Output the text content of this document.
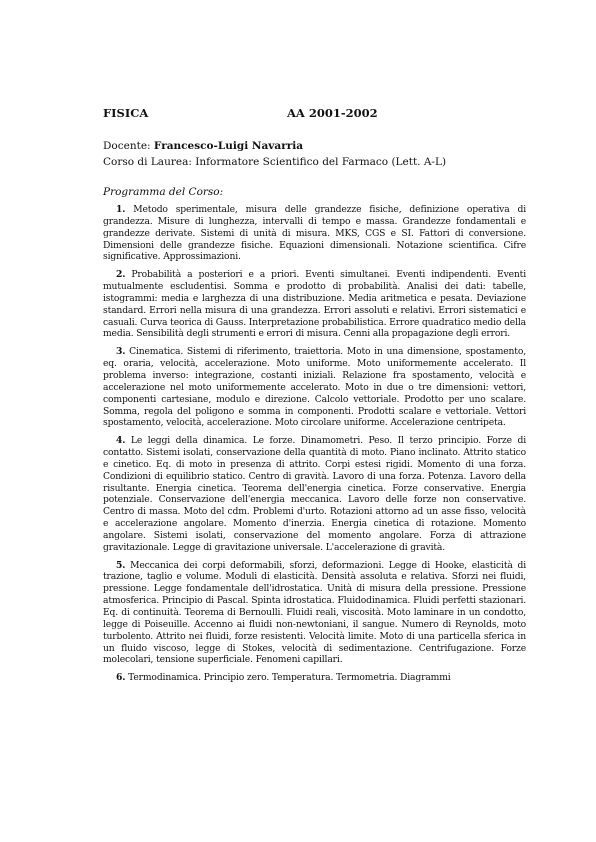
FISICA	AA 2001-2002
Docente: Francesco-Luigi Navarria
Corso di Laurea: Informatore Scientifico del Farmaco (Lett. A-L)
Programma del Corso:

1. Metodo sperimentale, misura delle grandezze fisiche, definizione operativa di grandezza. Misure di lunghezza, intervalli di tempo e massa. Grandezze fondamentali e grandezze derivate. Sistemi di unità di misura. MKS, CGS e SI. Fattori di conversione. Dimensioni delle grandezze fisiche. Equazioni dimensionali. Notazione scientifica. Cifre significative. Approssimazioni.

2. Probabilità a posteriori e a priori. Eventi simultanei. Eventi indipendenti. Eventi mutualmente escludentisi. Somma e prodotto di probabilità. Analisi dei dati: tabelle, istogrammi: media e larghezza di una distribuzione. Media aritmetica e pesata. Deviazione standard. Errori nella misura di una grandezza. Errori assoluti e relativi. Errori sistematici e casuali. Curva teorica di Gauss. Interpretazione probabilistica. Errore quadratico medio della media. Sensibilità degli strumenti e errori di misura. Cenni alla propagazione degli errori.

3. Cinematica. Sistemi di riferimento, traiettoria. Moto in una dimensione, spostamento, eq. oraria, velocità, accelerazione. Moto uniforme. Moto uniformemente accelerato. Il problema inverso: integrazione, costanti iniziali. Relazione fra spostamento, velocità e accelerazione nel moto uniformemente accelerato. Moto in due o tre dimensioni: vettori, componenti cartesiane, modulo e direzione. Calcolo vettoriale. Prodotto per uno scalare. Somma, regola del poligono e somma in componenti. Prodotti scalare e vettoriale. Vettori spostamento, velocità, accelerazione. Moto circolare uniforme. Accelerazione centripeta.

4. Le leggi della dinamica. Le forze. Dinamometri. Peso. Il terzo principio. Forze di contatto. Sistemi isolati, conservazione della quantità di moto. Piano inclinato. Attrito statico e cinetico. Eq. di moto in presenza di attrito. Corpi estesi rigidi. Momento di una forza. Condizioni di equilibrio statico. Centro di gravità. Lavoro di una forza. Potenza. Lavoro della risultante. Energia cinetica. Teorema dell'energia cinetica. Forze conservative. Energia potenziale. Conservazione dell'energia meccanica. Lavoro delle forze non conservative. Centro di massa. Moto del cdm. Problemi d'urto. Rotazioni attorno ad un asse fisso, velocità e accelerazione angolare. Momento d'inerzia. Energia cinetica di rotazione. Momento angolare. Sistemi isolati, conservazione del momento angolare. Forza di attrazione gravitazionale. Legge di gravitazione universale. L'accelerazione di gravità.

5. Meccanica dei corpi deformabili, sforzi, deformazioni. Legge di Hooke, elasticità di trazione, taglio e volume. Moduli di elasticità. Densità assoluta e relativa. Sforzi nei fluidi, pressione. Legge fondamentale dell'idrostatica. Unità di misura della pressione. Pressione atmosferica. Principio di Pascal. Spinta idrostatica. Fluidodinamica. Fluidi perfetti stazionari. Eq. di continuità. Teorema di Bernoulli. Fluidi reali, viscosità. Moto laminare in un condotto, legge di Poiseuille. Accenno ai fluidi non-newtoniani, il sangue. Numero di Reynolds, moto turbolento. Attrito nei fluidi, forze resistenti. Velocità limite. Moto di una particella sferica in un fluido viscoso, legge di Stokes, velocità di sedimentazione. Centrifugazione. Forze molecolari, tensione superficiale. Fenomeni capillari.

6. Termodinamica. Principio zero. Temperatura. Termometria. Diagrammi
